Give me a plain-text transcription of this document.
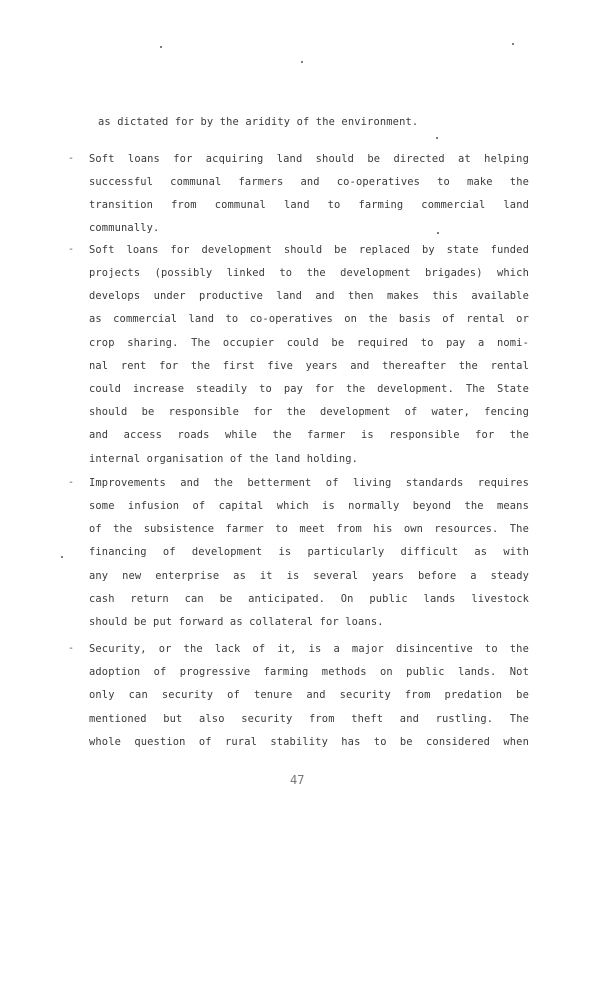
as dictated for by the aridity of the environment.
- Soft loans for acquiring land should be directed at helping
successful communal farmers and co-operatives to make the
transition from communal land to farming commercial land
communally.
- Soft loans for development should be replaced by state funded
projects (possibly linked to the development brigades) which
develops under productive land and then makes this available
as commercial land to co-operatives on the basis of rental or
crop sharing. The occupier could be required to pay a nomi-
nal rent for the first five years and thereafter the rental
could increase steadily to pay for the development. The State
should be responsible for the development of water, fencing
and access roads while the farmer is responsible for the
internal organisation of the land holding.
- Improvements and the betterment of living standards requires
some infusion of capital which is normally beyond the means
of the subsistence farmer to meet from his own resources. The
financing of development is particularly difficult as with
any new enterprise as it is several years before a steady
cash return can be anticipated. On public lands livestock
should be put forward as collateral for loans.
- Security, or the lack of it, is a major disincentive to the
adoption of progressive farming methods on public lands. Not
only can security of tenure and security from predation be
mentioned but also security from theft and rustling. The
whole question of rural stability has to be considered when
47
